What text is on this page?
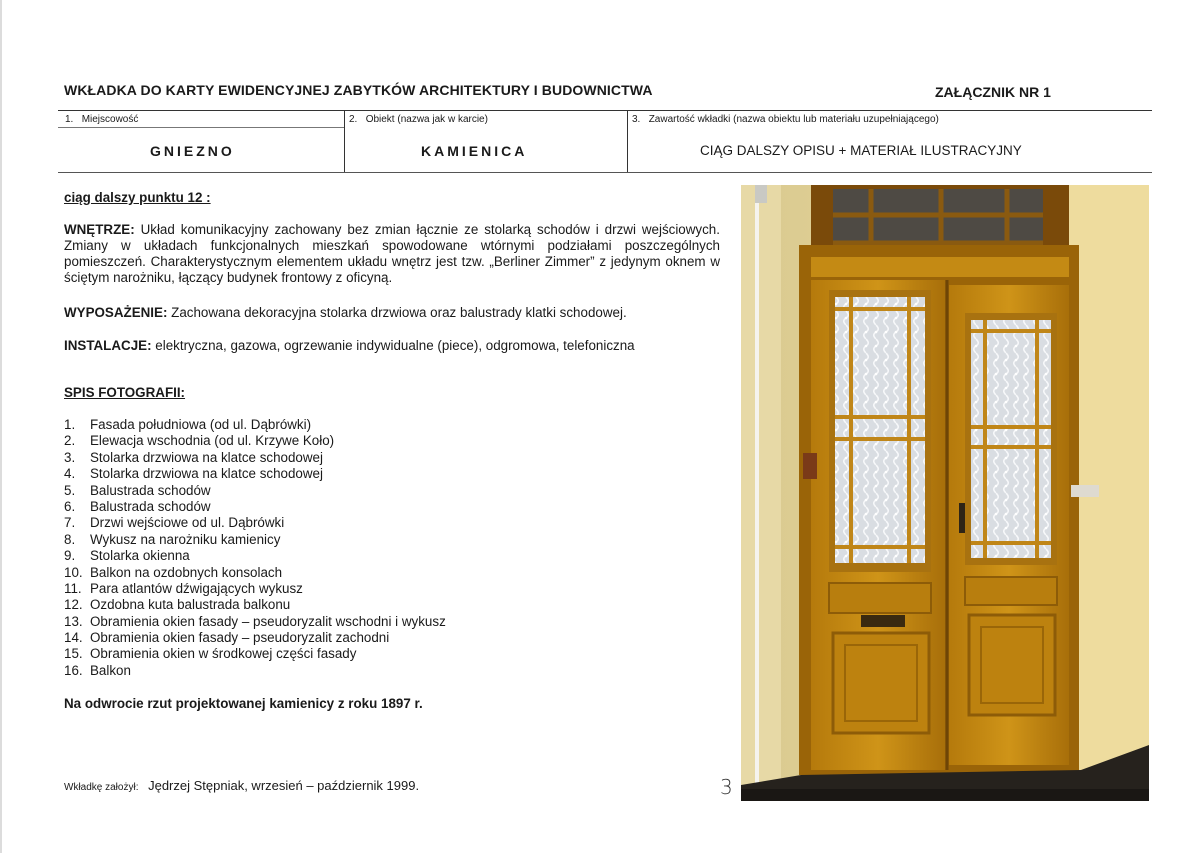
WKŁADKA DO KARTY EWIDENCYJNEJ ZABYTKÓW ARCHITEKTURY I BUDOWNICTWA	ZAŁĄCZNIK NR 1
1. Miejscowość
GNIEZNO
2. Obiekt (nazwa jak w karcie)
KAMIENICA
3. Zawartość wkładki (nazwa obiektu lub materiału uzupełniającego)
CIĄG DALSZY OPISU + MATERIAŁ ILUSTRACYJNY
ciąg dalszy punktu 12 :
WNĘTRZE: Układ komunikacyjny zachowany bez zmian łącznie ze stolarką schodów i drzwi wejściowych. Zmiany w układach funkcjonalnych mieszkań spowodowane wtórnymi podziałami poszczególnych pomieszczeń. Charakterystycznym elementem układu wnętrz jest tzw. „Berliner Zimmer” z jedynym oknem w ściętym narożniku, łączący budynek frontowy z oficyną.
WYPOSAŻENIE: Zachowana dekoracyjna stolarka drzwiowa oraz balustrady klatki schodowej.
INSTALACJE: elektryczna, gazowa, ogrzewanie indywidualne (piece), odgromowa, telefoniczna
SPIS FOTOGRAFII:
1. Fasada południowa (od ul. Dąbrówki)
2. Elewacja wschodnia (od ul. Krzywe Koło)
3. Stolarka drzwiowa na klatce schodowej
4. Stolarka drzwiowa na klatce schodowej
5. Balustrada schodów
6. Balustrada schodów
7. Drzwi wejściowe od ul. Dąbrówki
8. Wykusz na narożniku kamienicy
9. Stolarka okienna
10. Balkon na ozdobnych konsolach
11. Para atlantów dźwigających wykusz
12. Ozdobna kuta balustrada balkonu
13. Obramienia okien fasady – pseudoryzalit wschodni i wykusz
14. Obramienia okien fasady – pseudoryzalit zachodni
15. Obramienia okien w środkowej części fasady
16. Balkon
Na odwrocie rzut projektowanej kamienicy z roku 1897 r.
Wkładkę założył: Jędrzej Stępniak, wrzesień – październik 1999.	3
